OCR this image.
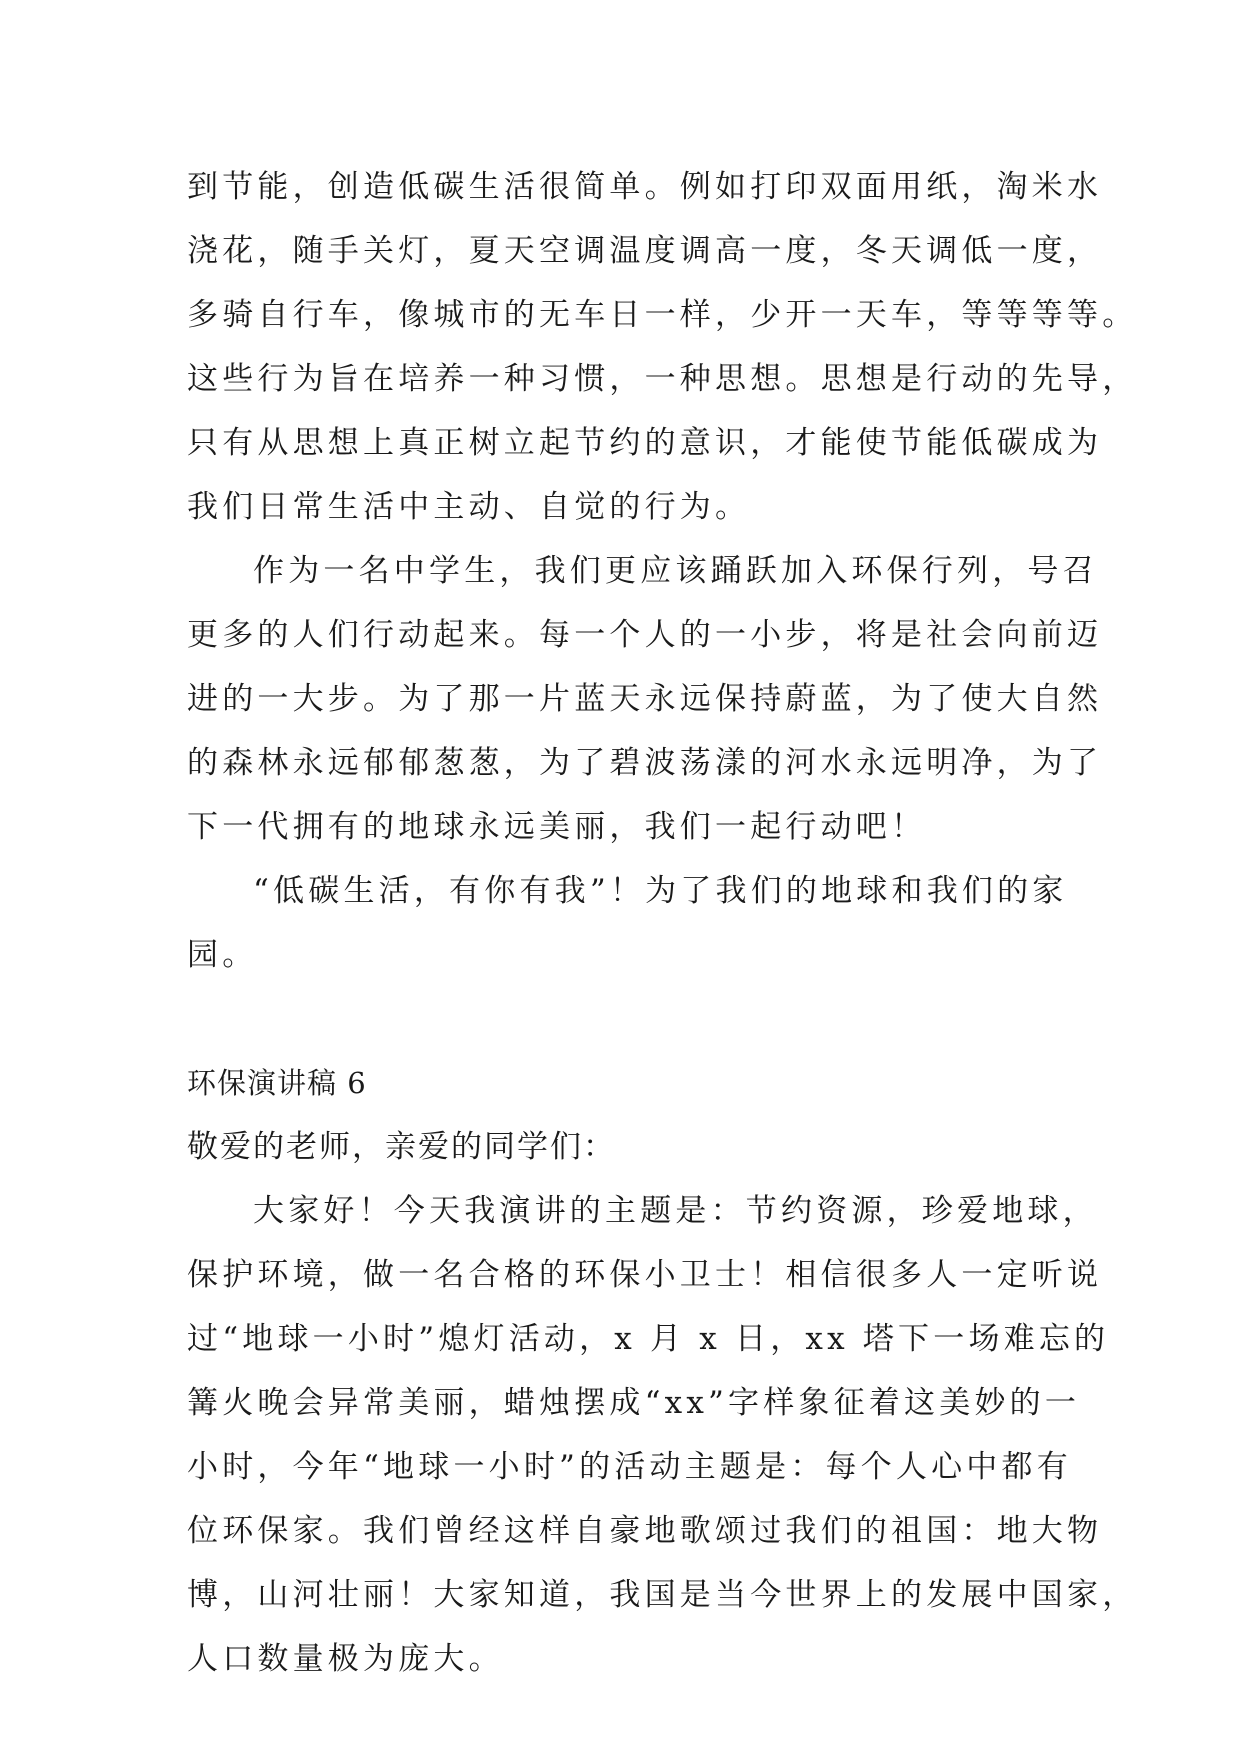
到节能，创造低碳生活很简单。例如打印双面用纸，淘米水
浇花，随手关灯，夏天空调温度调高一度，冬天调低一度，
多骑自行车，像城市的无车日一样，少开一天车，等等等等。
这些行为旨在培养一种习惯，一种思想。思想是行动的先导，
只有从思想上真正树立起节约的意识，才能使节能低碳成为
我们日常生活中主动、自觉的行为。
作为一名中学生，我们更应该踊跃加入环保行列，号召
更多的人们行动起来。每一个人的一小步，将是社会向前迈
进的一大步。为了那一片蓝天永远保持蔚蓝，为了使大自然
的森林永远郁郁葱葱，为了碧波荡漾的河水永远明净，为了
下一代拥有的地球永远美丽，我们一起行动吧！
“低碳生活，有你有我”！为了我们的地球和我们的家
园。
环保演讲稿 6
敬爱的老师，亲爱的同学们：
大家好！今天我演讲的主题是：节约资源，珍爱地球，
保护环境，做一名合格的环保小卫士！相信很多人一定听说
过“地球一小时”熄灯活动，x 月 x 日，xx 塔下一场难忘的
篝火晚会异常美丽，蜡烛摆成“xx”字样象征着这美妙的一
小时，今年“地球一小时”的活动主题是：每个人心中都有
位环保家。我们曾经这样自豪地歌颂过我们的祖国：地大物
博，山河壮丽！大家知道，我国是当今世界上的发展中国家，
人口数量极为庞大。
